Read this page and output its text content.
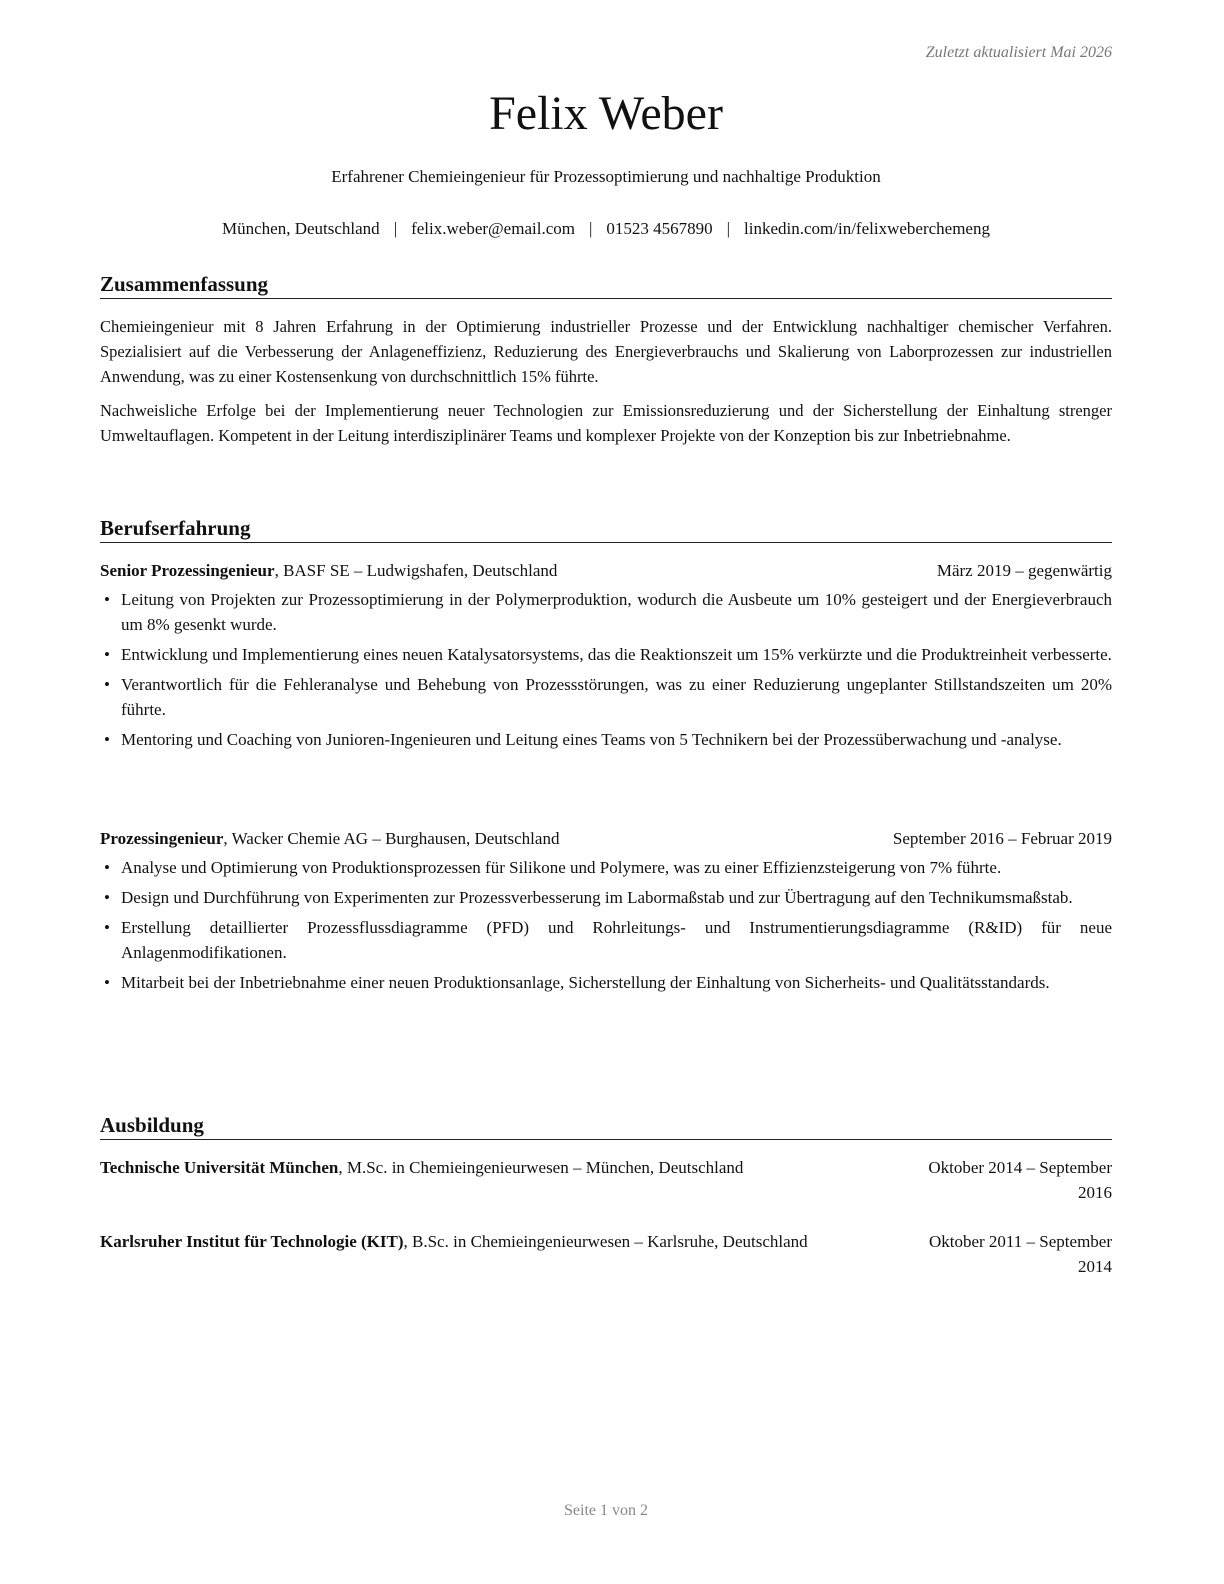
Zuletzt aktualisiert Mai 2026
Felix Weber
Erfahrener Chemieingenieur für Prozessoptimierung und nachhaltige Produktion
München, Deutschland | felix.weber@email.com | 01523 4567890 | linkedin.com/in/felixweberchemeng
Zusammenfassung

Chemieingenieur mit 8 Jahren Erfahrung in der Optimierung industrieller Prozesse und der Entwicklung nachhaltiger chemischer Verfahren. Spezialisiert auf die Verbesserung der Anlageneffizienz, Reduzierung des Energieverbrauchs und Skalierung von Laborprozessen zur industriellen Anwendung, was zu einer Kostensenkung von durchschnittlich 15% führte.

Nachweisliche Erfolge bei der Implementierung neuer Technologien zur Emissionsreduzierung und der Sicherstellung der Einhaltung strenger Umweltauflagen. Kompetent in der Leitung interdisziplinärer Teams und komplexer Projekte von der Konzeption bis zur Inbetriebnahme.

Berufserfahrung
Senior Prozessingenieur, BASF SE – Ludwigshafen, Deutschland	März 2019 – gegenwärtig
• Leitung von Projekten zur Prozessoptimierung in der Polymerproduktion, wodurch die Ausbeute um 10% gesteigert und der Energieverbrauch um 8% gesenkt wurde.
• Entwicklung und Implementierung eines neuen Katalysatorsystems, das die Reaktionszeit um 15% verkürzte und die Produktreinheit verbesserte.
• Verantwortlich für die Fehleranalyse und Behebung von Prozessstörungen, was zu einer Reduzierung ungeplanter Stillstandszeiten um 20% führte.
• Mentoring und Coaching von Junioren-Ingenieuren und Leitung eines Teams von 5 Technikern bei der Prozessüberwachung und -analyse.
Prozessingenieur, Wacker Chemie AG – Burghausen, Deutschland	September 2016 – Februar 2019
• Analyse und Optimierung von Produktionsprozessen für Silikone und Polymere, was zu einer Effizienzsteigerung von 7% führte.
• Design und Durchführung von Experimenten zur Prozessverbesserung im Labormaßstab und zur Übertragung auf den Technikumsmaßstab.
• Erstellung detaillierter Prozessflussdiagramme (PFD) und Rohrleitungs- und Instrumentierungsdiagramme (R&ID) für neue Anlagenmodifikationen.
• Mitarbeit bei der Inbetriebnahme einer neuen Produktionsanlage, Sicherstellung der Einhaltung von Sicherheits- und Qualitätsstandards.
Ausbildung
Technische Universität München, M.Sc. in Chemieingenieurwesen – München, Deutschland	Oktober 2014 – September 2016
Karlsruher Institut für Technologie (KIT), B.Sc. in Chemieingenieurwesen – Karlsruhe, Deutschland	Oktober 2011 – September 2014
Seite 1 von 2
